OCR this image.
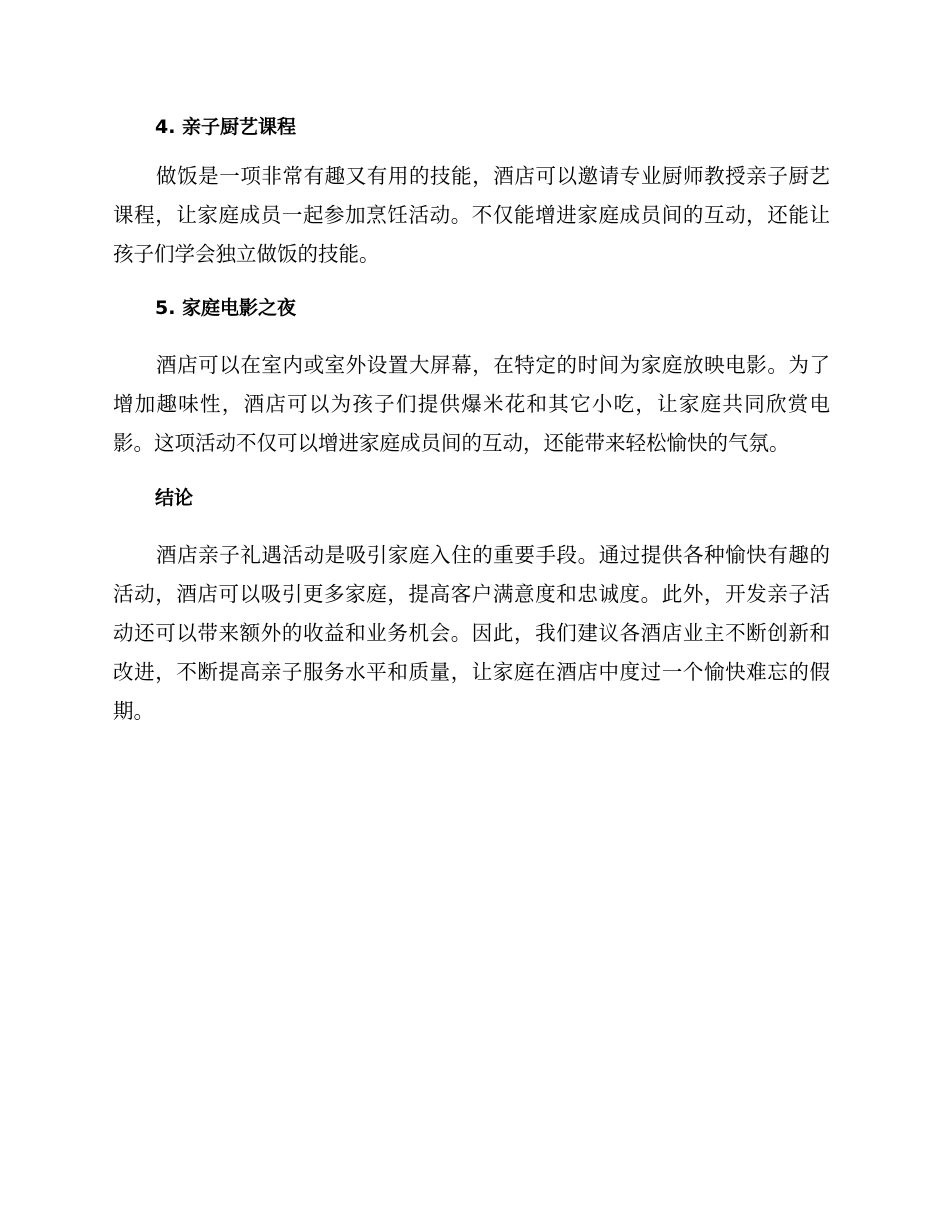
4. 亲子厨艺课程

做饭是一项非常有趣又有用的技能，酒店可以邀请专业厨师教授亲子厨艺课程，让家庭成员一起参加烹饪活动。不仅能增进家庭成员间的互动，还能让孩子们学会独立做饭的技能。

5. 家庭电影之夜

酒店可以在室内或室外设置大屏幕，在特定的时间为家庭放映电影。为了增加趣味性，酒店可以为孩子们提供爆米花和其它小吃，让家庭共同欣赏电影。这项活动不仅可以增进家庭成员间的互动，还能带来轻松愉快的气氛。

结论

酒店亲子礼遇活动是吸引家庭入住的重要手段。通过提供各种愉快有趣的活动，酒店可以吸引更多家庭，提高客户满意度和忠诚度。此外，开发亲子活动还可以带来额外的收益和业务机会。因此，我们建议各酒店业主不断创新和改进，不断提高亲子服务水平和质量，让家庭在酒店中度过一个愉快难忘的假期。
